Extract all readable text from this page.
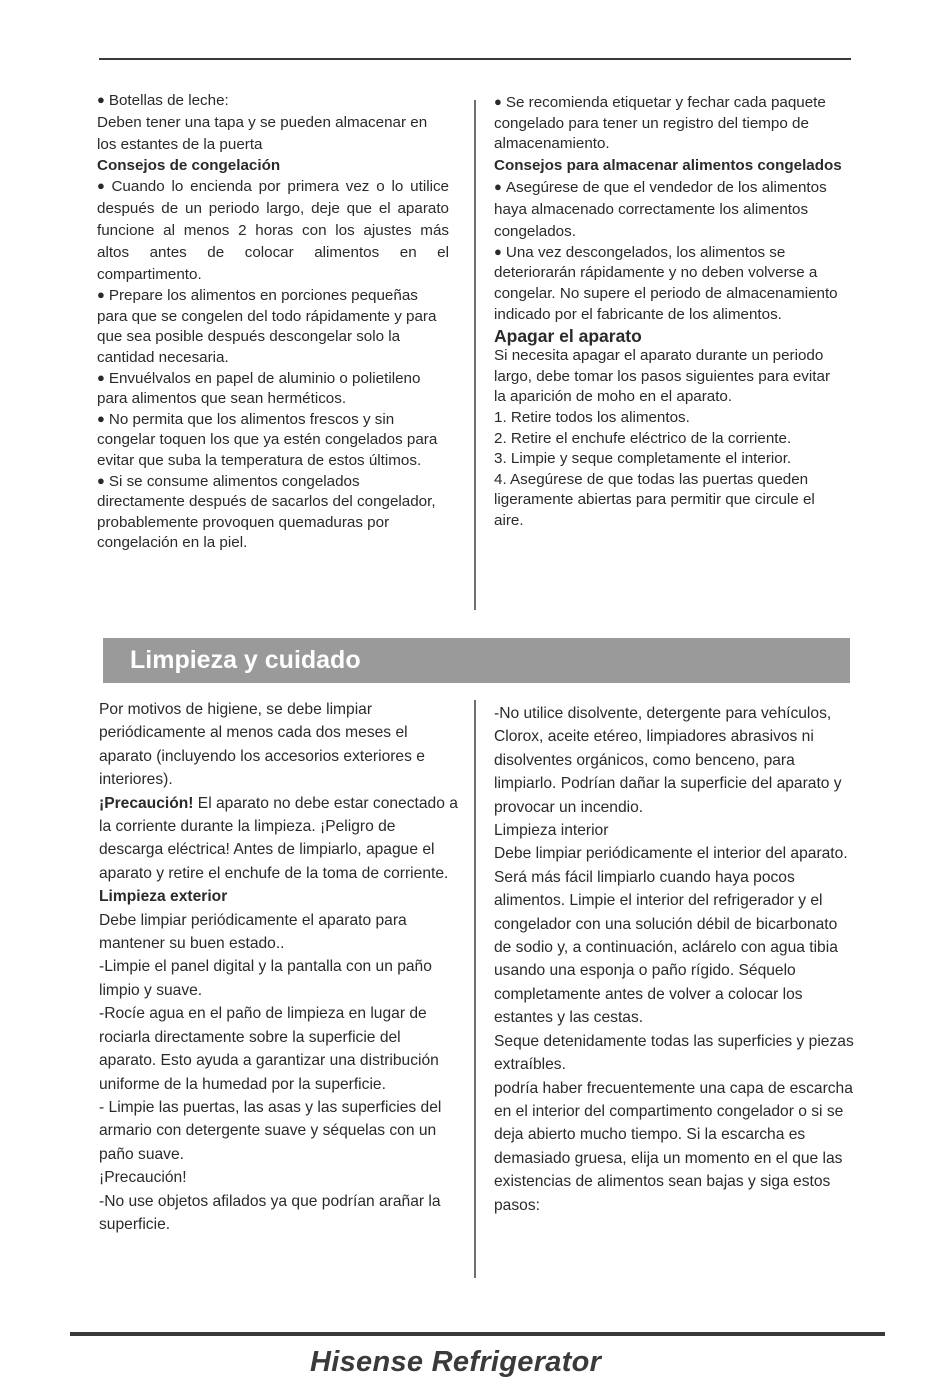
● Botellas de leche:

Deben tener una tapa y se pueden almacenar en los estantes de la puerta

Consejos de congelación

● Cuando lo encienda por primera vez o lo utilice después de un periodo largo, deje que el aparato funcione al menos 2 horas con los ajustes más altos antes de colocar alimentos en el compartimento.

● Prepare los alimentos en porciones pequeñas para que se congelen del todo rápidamente y para que sea posible después descongelar solo la cantidad necesaria.

● Envuélvalos en papel de aluminio o polietileno para alimentos que sean herméticos.

● No permita que los alimentos frescos y sin congelar toquen los que ya estén congelados para evitar que suba la temperatura de estos últimos.

● Si se consume alimentos congelados directamente después de sacarlos del congelador, probablemente provoquen quemaduras por congelación en la piel.

● Se recomienda etiquetar y fechar cada paquete congelado para tener un registro del tiempo de almacenamiento.

Consejos para almacenar alimentos congelados

● Asegúrese de que el vendedor de los alimentos haya almacenado correctamente los alimentos congelados.

● Una vez descongelados, los alimentos se deteriorarán rápidamente y no deben volverse a congelar. No supere el periodo de almacenamiento indicado por el fabricante de los alimentos.

Apagar el aparato

Si necesita apagar el aparato durante un periodo largo, debe tomar los pasos siguientes para evitar la aparición de moho en el aparato.

1. Retire todos los alimentos.

2. Retire el enchufe eléctrico de la corriente.

3. Limpie y seque completamente el interior.

4. Asegúrese de que todas las puertas queden ligeramente abiertas para permitir que circule el aire.

Limpieza y cuidado

Por motivos de higiene, se debe limpiar periódicamente al menos cada dos meses el aparato (incluyendo los accesorios exteriores e interiores).

¡Precaución! El aparato no debe estar conectado a la corriente durante la limpieza. ¡Peligro de descarga eléctrica! Antes de limpiarlo, apague el aparato y retire el enchufe de la toma de corriente.

Limpieza exterior

Debe limpiar periódicamente el aparato para mantener su buen estado..

-Limpie el panel digital y la pantalla con un paño limpio y suave.

-Rocíe agua en el paño de limpieza en lugar de rociarla directamente sobre la superficie del aparato. Esto ayuda a garantizar una distribución uniforme de la humedad por la superficie.

- Limpie las puertas, las asas y las superficies del armario con detergente suave y séquelas con un paño suave.

¡Precaución!

-No use objetos afilados ya que podrían arañar la superficie.

-No utilice disolvente, detergente para vehículos, Clorox, aceite etéreo, limpiadores abrasivos ni disolventes orgánicos, como benceno, para limpiarlo. Podrían dañar la superficie del aparato y provocar un incendio.

Limpieza interior

Debe limpiar periódicamente el interior del aparato. Será más fácil limpiarlo cuando haya pocos alimentos. Limpie el interior del refrigerador y el congelador con una solución débil de bicarbonato de sodio y, a continuación, aclárelo con agua tibia usando una esponja o paño rígido. Séquelo completamente antes de volver a colocar los estantes y las cestas.

Seque detenidamente todas las superficies y piezas extraíbles.

podría haber frecuentemente una capa de escarcha en el interior del compartimento congelador o si se deja abierto mucho tiempo. Si la escarcha es demasiado gruesa, elija un momento en el que las existencias de alimentos sean bajas y siga estos pasos:

Hisense Refrigerator
